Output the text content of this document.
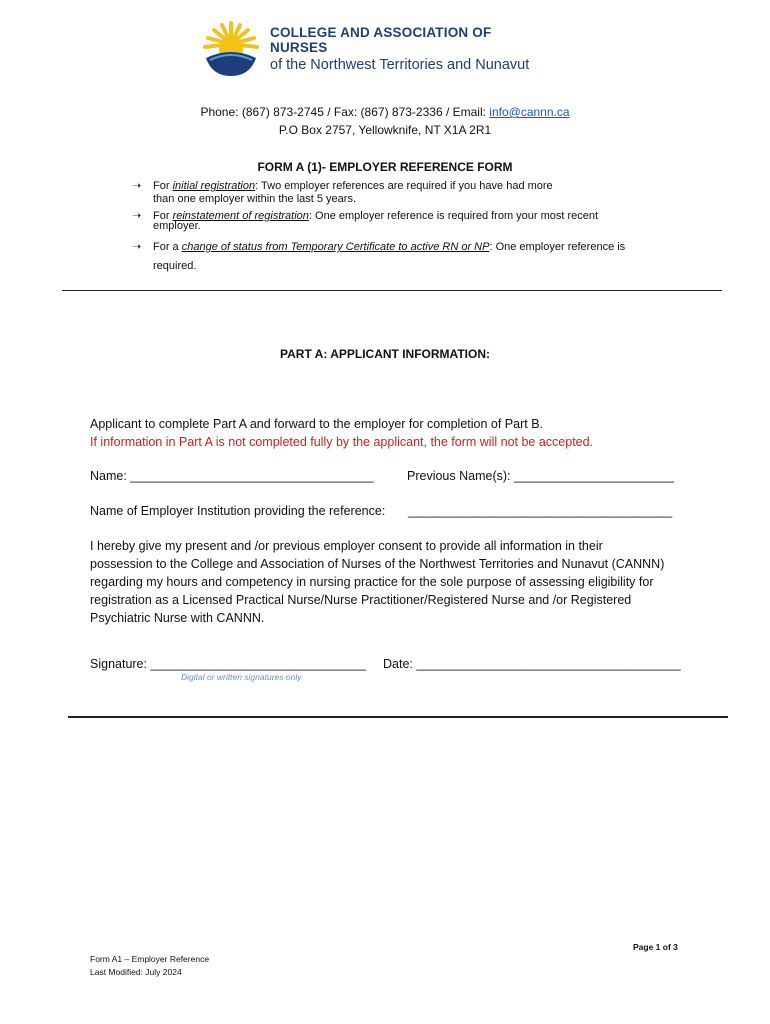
COLLEGE AND ASSOCIATION OF NURSES
of the Northwest Territories and Nunavut
Phone: (867) 873-2745 / Fax: (867) 873-2336 / Email: info@cannn.ca
P.O Box 2757, Yellowknife, NT X1A 2R1
FORM A (1)- EMPLOYER REFERENCE FORM
➝ For initial registration: Two employer references are required if you have had more
than one employer within the last 5 years.
➝ For reinstatement of registration: One employer reference is required from your most recent
employer.
➝ For a change of status from Temporary Certificate to active RN or NP: One employer reference is
required.
PART A: APPLICANT INFORMATION:
Applicant to complete Part A and forward to the employer for completion of Part B.
If information in Part A is not completed fully by the applicant, the form will not be accepted.
Name: ___________________________________	Previous Name(s): _______________________
Name of Employer Institution providing the reference: ______________________________________
I hereby give my present and /or previous employer consent to provide all information in their
possession to the College and Association of Nurses of the Northwest Territories and Nunavut (CANNN)
regarding my hours and competency in nursing practice for the sole purpose of assessing eligibility for
registration as a Licensed Practical Nurse/Nurse Practitioner/Registered Nurse and /or Registered
Psychiatric Nurse with CANNN.
Signature: _______________________________ Date: ______________________________________
Digital or written signatures only
Page 1 of 3
Form A1 – Employer Reference
Last Modified: July 2024
